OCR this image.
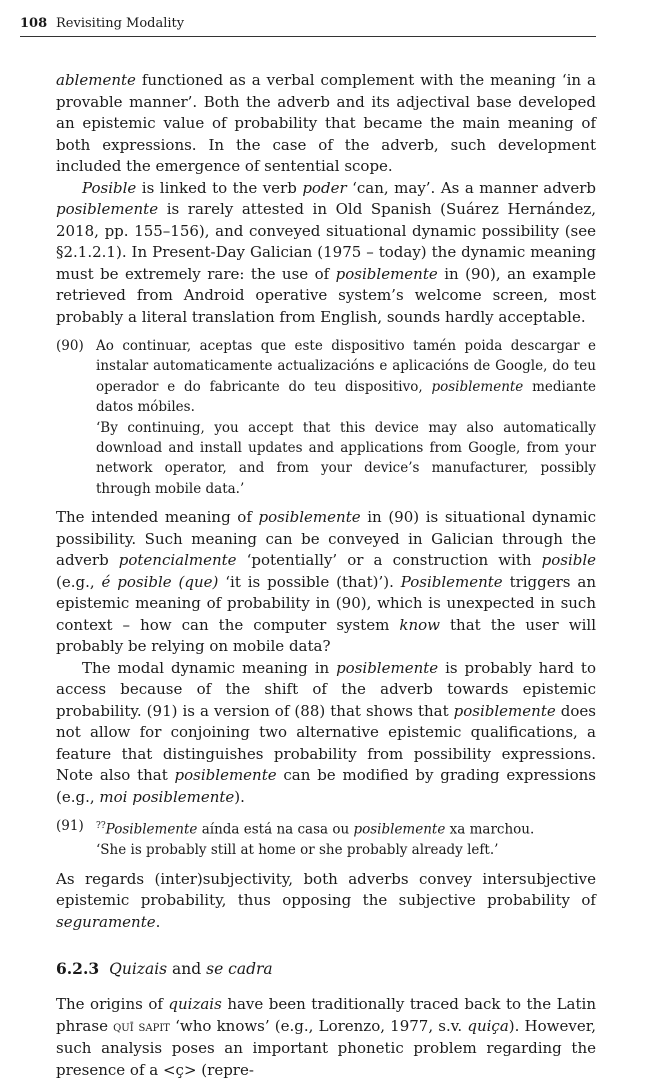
108 Revisiting Modality

ablemente functioned as a verbal complement with the meaning ‘in a provable manner’. Both the adverb and its adjectival base developed an epistemic value of probability that became the main meaning of both expressions. In the case of the adverb, such development included the emergence of sentential scope.

Posible is linked to the verb poder ‘can, may’. As a manner adverb posiblemente is rarely attested in Old Spanish (Suárez Hernández, 2018, pp. 155–156), and conveyed situational dynamic possibility (see §2.1.2.1). In Present-Day Galician (1975 – today) the dynamic meaning must be extremely rare: the use of posiblemente in (90), an example retrieved from Android operative system’s welcome screen, most probably a literal translation from English, sounds hardly acceptable.

(90) Ao continuar, aceptas que este dispositivo tamén poida descargar e instalar automaticamente actualizacións e aplicacións de Google, do teu operador e do fabricante do teu dispositivo, posiblemente mediante datos móbiles.
‘By continuing, you accept that this device may also automatically download and install updates and applications from Google, from your network operator, and from your device’s manufacturer, possibly through mobile data.’

The intended meaning of posiblemente in (90) is situational dynamic possibility. Such meaning can be conveyed in Galician through the adverb potencialmente ‘potentially’ or a construction with posible (e.g., é posible (que) ‘it is possible (that)’). Posiblemente triggers an epistemic meaning of probability in (90), which is unexpected in such context – how can the computer system know that the user will probably be relying on mobile data?

The modal dynamic meaning in posiblemente is probably hard to access because of the shift of the adverb towards epistemic probability. (91) is a version of (88) that shows that posiblemente does not allow for conjoining two alternative epistemic qualifications, a feature that distinguishes probability from possibility expressions. Note also that posiblemente can be modified by grading expressions (e.g., moi posiblemente).

(91) ??Posiblemente aínda está na casa ou posiblemente xa marchou.
‘She is probably still at home or she probably already left.’

As regards (inter)subjectivity, both adverbs convey intersubjective epistemic probability, thus opposing the subjective probability of seguramente.

6.2.3 Quizais and se cadra

The origins of quizais have been traditionally traced back to the Latin phrase quī sapit ‘who knows’ (e.g., Lorenzo, 1977, s.v. quiça). However, such analysis poses an important phonetic problem regarding the presence of a <ç> (repre-
